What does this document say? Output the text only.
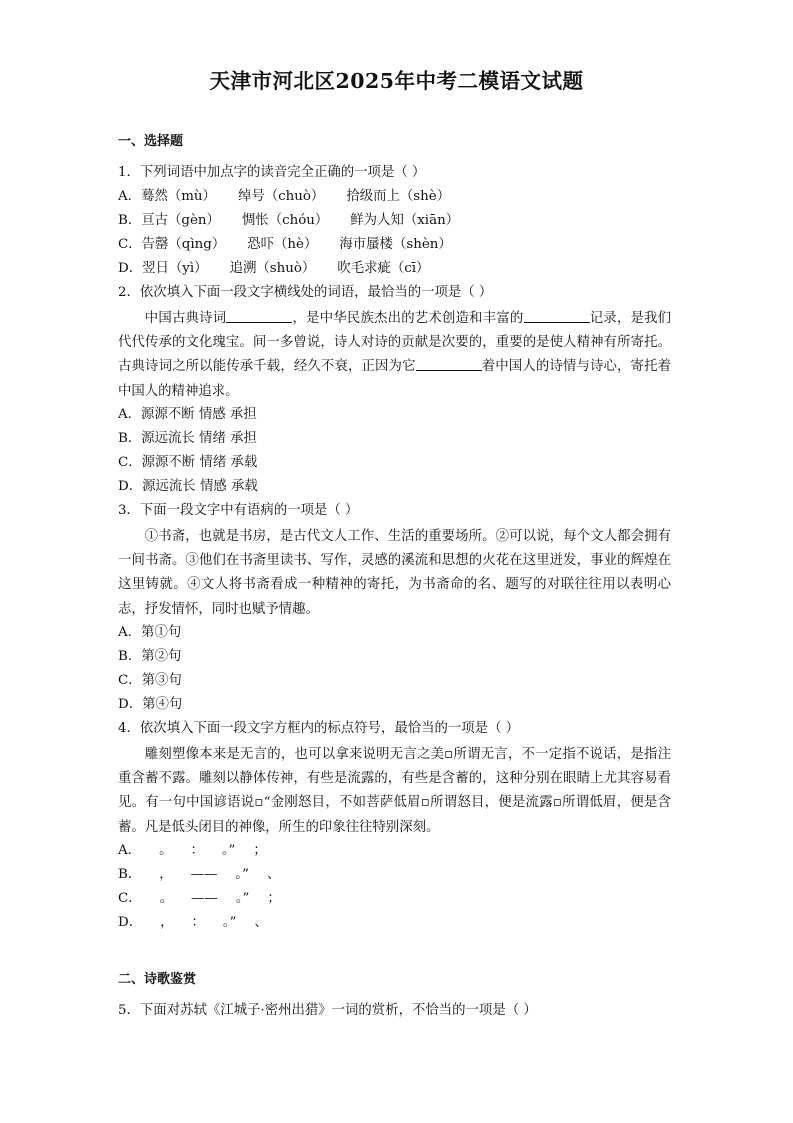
天津市河北区2025年中考二模语文试题
一、选择题
1．下列词语中加点字的读音完全正确的一项是（ ）
A．蓦然（mù） 绰号（chuò） 拾级而上（shè）
B．亘古（gèn） 惆怅（chóu） 鲜为人知（xiān）
C．告罄（qìng） 恐吓（hè） 海市蜃楼（shèn）
D．翌日（yì） 追溯（shuò） 吹毛求疵（cī）
2．依次填入下面一段文字横线处的词语，最恰当的一项是（ ）
中国古典诗词	，是中华民族杰出的艺术创造和丰富的	记录，是我们代代传承的文化瑰宝。间一多曾说，诗人对诗的贡献是次要的，重要的是使人精神有所寄托。古典诗词之所以能传承千载，经久不衰，正因为它	着中国人的诗情与诗心，寄托着中国人的精神追求。
A．源源不断 情感 承担
B．源远流长 情绪 承担
C．源源不断 情绪 承载
D．源远流长 情感 承载
3．下面一段文字中有语病的一项是（ ）
①书斋，也就是书房，是古代文人工作、生活的重要场所。②可以说，每个文人都会拥有一间书斋。③他们在书斋里读书、写作，灵感的溪流和思想的火花在这里迸发，事业的辉煌在这里铸就。④文人将书斋看成一种精神的寄托，为书斋命的名、题写的对联往往用以表明心志，抒发情怀，同时也赋予情趣。
A．第①句
B．第②句
C．第③句
D．第④句
4．依次填入下面一段文字方框内的标点符号，最恰当的一项是（ ）
雕刻塑像本来是无言的，也可以拿来说明无言之美▫所谓无言，不一定指不说话，是指注重含蓄不露。雕刻以静体传神，有些是流露的，有些是含蓄的，这种分别在眼睛上尤其容易看见。有一句中国谚语说▫“金刚怒目，不如菩萨低眉▫所谓怒目，便是流露▫所谓低眉，便是含蓄。凡是低头闭目的神像，所生的印象往往特别深刻。
A． 。 ： 。” ；
B． ， —— 。” 、
C． 。 —— 。” ；
D． ， ： 。” 、
二、诗歌鉴赏
5．下面对苏轼《江城子·密州出猎》一词的赏析，不恰当的一项是（ ）
